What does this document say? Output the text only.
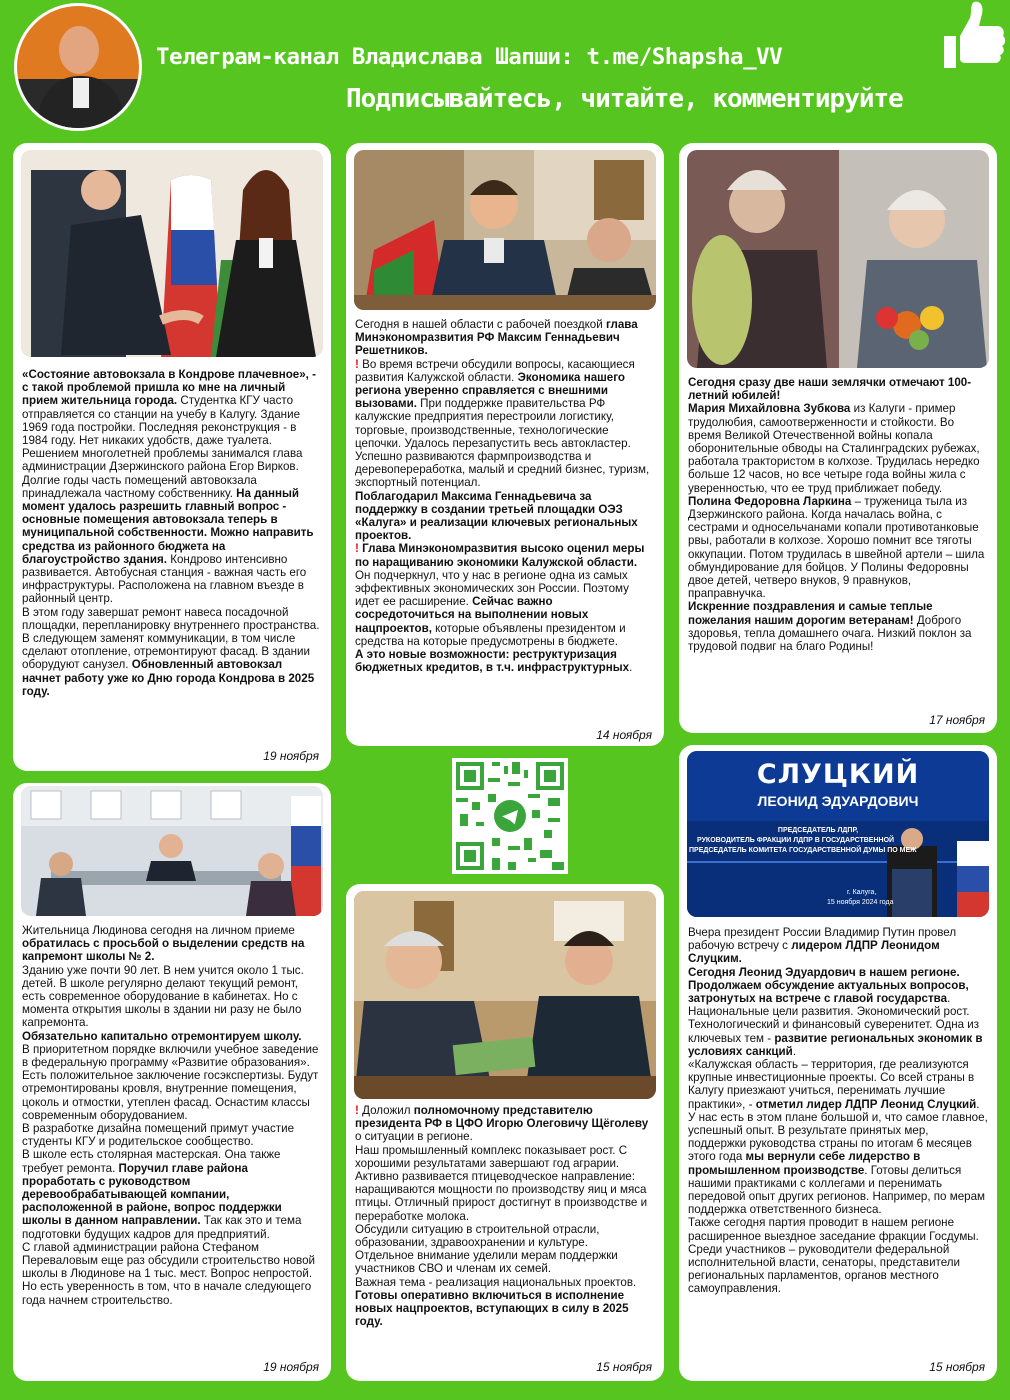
Телеграм-канал Владислава Шапши: t.me/Shapsha_VV
Подписывайтесь, читайте, комментируйте

«Состояние автовокзала в Кондрове плачевное», - с такой проблемой пришла ко мне на личный прием жительница города. Студентка КГУ часто отправляется со станции на учебу в Калугу. Здание 1969 года постройки. Последняя реконструкция - в 1984 году. Нет никаких удобств, даже туалета.

Решением многолетней проблемы занимался глава администрации Дзержинского района Егор Вирков. Долгие годы часть помещений автовокзала принадлежала частному собственнику. На данный момент удалось разрешить главный вопрос - основные помещения автовокзала теперь в муниципальной собственности. Можно направить средства из районного бюджета на благоустройство здания. Кондрово интенсивно развивается. Автобусная станция - важная часть его инфраструктуры. Расположена на главном въезде в районный центр.

В этом году завершат ремонт навеса посадочной площадки, перепланировку внутреннего пространства. В следующем заменят коммуникации, в том числе сделают отопление, отремонтируют фасад. В здании оборудуют санузел. Обновленный автовокзал начнет работу уже ко Дню города Кондрова в 2025 году.

19 ноября

Сегодня в нашей области с рабочей поездкой глава Минэкономразвития РФ Максим Геннадьевич Решетников.

! Во время встречи обсудили вопросы, касающиеся развития Калужской области. Экономика нашего региона уверенно справляется с внешними вызовами. При поддержке правительства РФ калужские предприятия перестроили логистику, торговые, производственные, технологические цепочки. Удалось перезапустить весь автокластер. Успешно развиваются фармпроизводства и деревопереработка, малый и средний бизнес, туризм, экспортный потенциал.

Поблагодарил Максима Геннадьевича за поддержку в создании третьей площадки ОЭЗ «Калуга» и реализации ключевых региональных проектов.

! Глава Минэкономразвития высоко оценил меры по наращиванию экономики Калужской области. Он подчеркнул, что у нас в регионе одна из самых эффективных экономических зон России. Поэтому идет ее расширение. Сейчас важно сосредоточиться на выполнении новых нацпроектов, которые объявлены президентом и средства на которые предусмотрены в бюджете.

А это новые возможности: реструктуризация бюджетных кредитов, в т.ч. инфраструктурных.

14 ноября

Сегодня сразу две наши землячки отмечают 100-летний юбилей!

Мария Михайловна Зубкова из Калуги - пример трудолюбия, самоотверженности и стойкости. Во время Великой Отечественной войны копала оборонительные обводы на Сталинградских рубежах, работала трактористом в колхозе. Трудилась нередко больше 12 часов, но все четыре года войны жила с уверенностью, что ее труд приближает победу.

Полина Федоровна Ларкина – труженица тыла из Дзержинского района. Когда началась война, с сестрами и односельчанами копали противотанковые рвы, работали в колхозе. Хорошо помнит все тяготы оккупации. Потом трудилась в швейной артели – шила обмундирование для бойцов. У Полины Федоровны двое детей, четверо внуков, 9 правнуков, праправнучка.

Искренние поздравления и самые теплые пожелания нашим дорогим ветеранам! Доброго здоровья, тепла домашнего очага. Низкий поклон за трудовой подвиг на благо Родины!

17 ноября

Жительница Людинова сегодня на личном приеме обратилась с просьбой о выделении средств на капремонт школы № 2.

Зданию уже почти 90 лет. В нем учится около 1 тыс. детей. В школе регулярно делают текущий ремонт, есть современное оборудование в кабинетах. Но с момента открытия школы в здании ни разу не было капремонта.

Обязательно капитально отремонтируем школу.

В приоритетном порядке включили учебное заведение в федеральную программу «Развитие образования». Есть положительное заключение госэкспертизы. Будут отремонтированы кровля, внутренние помещения, цоколь и отмостки, утеплен фасад. Оснастим классы современным оборудованием.

В разработке дизайна помещений примут участие студенты КГУ и родительское сообщество.

В школе есть столярная мастерская. Она также требует ремонта. Поручил главе района проработать с руководством деревообрабатывающей компании, расположенной в районе, вопрос поддержки школы в данном направлении. Так как это и тема подготовки будущих кадров для предприятий.

С главой администрации района Стефаном Переваловым еще раз обсудили строительство новой школы в Людинове на 1 тыс. мест. Вопрос непростой. Но есть уверенность в том, что в начале следующего года начнем строительство.

19 ноября

! Доложил полномочному представителю президента РФ в ЦФО Игорю Олеговичу Щёголеву о ситуации в регионе.

Наш промышленный комплекс показывает рост. С хорошими результатами завершают год аграрии. Активно развивается птицеводческое направление: наращиваются мощности по производству яиц и мяса птицы. Отличный прирост достигнут в производстве и переработке молока.

Обсудили ситуацию в строительной отрасли, образовании, здравоохранении и культуре.

Отдельное внимание уделили мерам поддержки участников СВО и членам их семей.

Важная тема - реализация национальных проектов. Готовы оперативно включиться в исполнение новых нацпроектов, вступающих в силу в 2025 году.

15 ноября
СЛУЦКИЙ
ЛЕОНИД ЭДУАРДОВИЧ
ПРЕДСЕДАТЕЛЬ ЛДПР,
РУКОВОДИТЕЛЬ ФРАКЦИИ ЛДПР В ГОСУДАРСТВЕННОЙ
ПРЕДСЕДАТЕЛЬ КОМИТЕТА ГОСУДАРСТВЕННОЙ ДУМЫ ПО МЕЖ
г. Калуга,
15 ноября 2024 года

Вчера президент России Владимир Путин провел рабочую встречу с лидером ЛДПР Леонидом Слуцким.

Сегодня Леонид Эдуардович в нашем регионе. Продолжаем обсуждение актуальных вопросов, затронутых на встрече с главой государства.

Национальные цели развития. Экономический рост. Технологический и финансовый суверенитет. Одна из ключевых тем - развитие региональных экономик в условиях санкций.

«Калужская область – территория, где реализуются крупные инвестиционные проекты. Со всей страны в Калугу приезжают учиться, перенимать лучшие практики», - отметил лидер ЛДПР Леонид Слуцкий.

У нас есть в этом плане большой и, что самое главное, успешный опыт. В результате принятых мер, поддержки руководства страны по итогам 6 месяцев этого года мы вернули себе лидерство в промышленном производстве. Готовы делиться нашими практиками с коллегами и перенимать передовой опыт других регионов. Например, по мерам поддержка ответственного бизнеса.

Также сегодня партия проводит в нашем регионе расширенное выездное заседание фракции Госдумы. Среди участников – руководители федеральной исполнительной власти, сенаторы, представители региональных парламентов, органов местного самоуправления.

15 ноября
